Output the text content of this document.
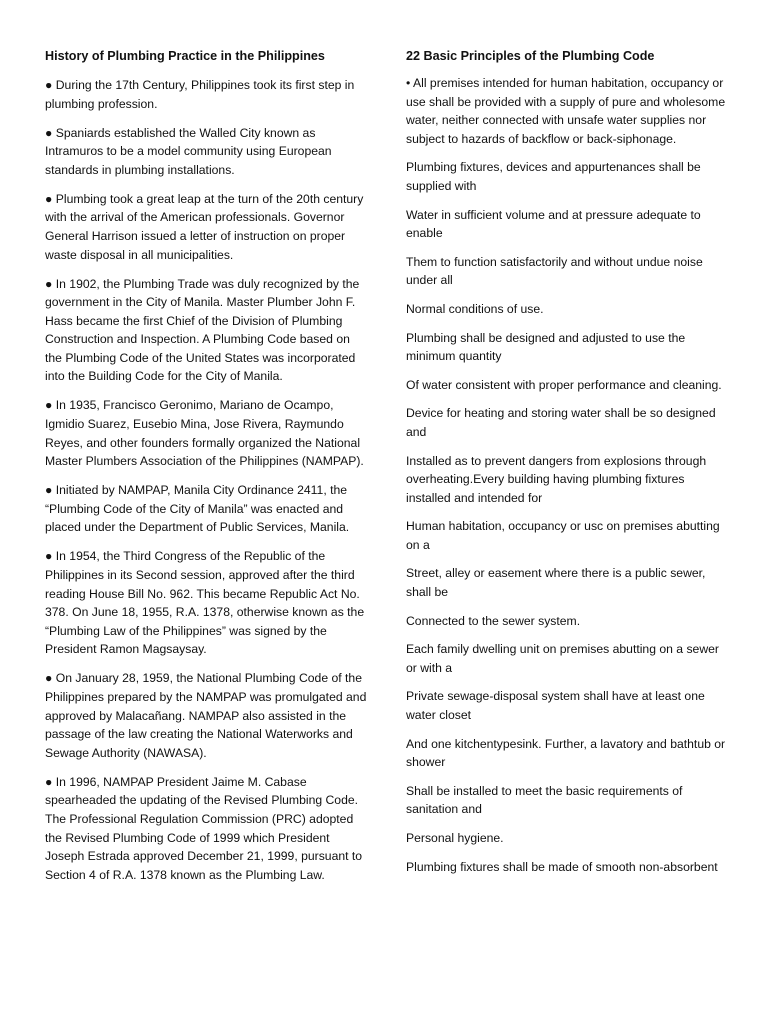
History of Plumbing Practice in the Philippines

● During the 17th Century, Philippines took its first step in plumbing profession.

● Spaniards established the Walled City known as Intramuros to be a model community using European standards in plumbing installations.

● Plumbing took a great leap at the turn of the 20th century with the arrival of the American professionals. Governor General Harrison issued a letter of instruction on proper waste disposal in all municipalities.

● In 1902, the Plumbing Trade was duly recognized by the government in the City of Manila. Master Plumber John F. Hass became the first Chief of the Division of Plumbing Construction and Inspection. A Plumbing Code based on the Plumbing Code of the United States was incorporated into the Building Code for the City of Manila.

● In 1935, Francisco Geronimo, Mariano de Ocampo, Igmidio Suarez, Eusebio Mina, Jose Rivera, Raymundo Reyes, and other founders formally organized the National Master Plumbers Association of the Philippines (NAMPAP).

● Initiated by NAMPAP, Manila City Ordinance 2411, the “Plumbing Code of the City of Manila” was enacted and placed under the Department of Public Services, Manila.

● In 1954, the Third Congress of the Republic of the Philippines in its Second session, approved after the third reading House Bill No. 962. This became Republic Act No. 378. On June 18, 1955, R.A. 1378, otherwise known as the “Plumbing Law of the Philippines” was signed by the President Ramon Magsaysay.

● On January 28, 1959, the National Plumbing Code of the Philippines prepared by the NAMPAP was promulgated and approved by Malacañang. NAMPAP also assisted in the passage of the law creating the National Waterworks and Sewage Authority (NAWASA).

● In 1996, NAMPAP President Jaime M. Cabase spearheaded the updating of the Revised Plumbing Code. The Professional Regulation Commission (PRC) adopted the Revised Plumbing Code of 1999 which President Joseph Estrada approved December 21, 1999, pursuant to Section 4 of R.A. 1378 known as the Plumbing Law.

22 Basic Principles of the Plumbing Code

• All premises intended for human habitation, occupancy or use shall be provided with a supply of pure and wholesome water, neither connected with unsafe water supplies nor subject to hazards of backflow or back-siphonage.

Plumbing fixtures, devices and appurtenances shall be supplied with

Water in sufficient volume and at pressure adequate to enable

Them to function satisfactorily and without undue noise under all

Normal conditions of use.

Plumbing shall be designed and adjusted to use the minimum quantity

Of water consistent with proper performance and cleaning.

Device for heating and storing water shall be so designed and

Installed as to prevent dangers from explosions through overheating.Every building having plumbing fixtures installed and intended for

Human habitation, occupancy or usc on premises abutting on a

Street, alley or easement where there is a public sewer, shall be

Connected to the sewer system.

Each family dwelling unit on premises abutting on a sewer or with a

Private sewage-disposal system shall have at least one water closet

And one kitchentypesink. Further, a lavatory and bathtub or shower

Shall be installed to meet the basic requirements of sanitation and

Personal hygiene.

Plumbing fixtures shall be made of smooth non-absorbent
